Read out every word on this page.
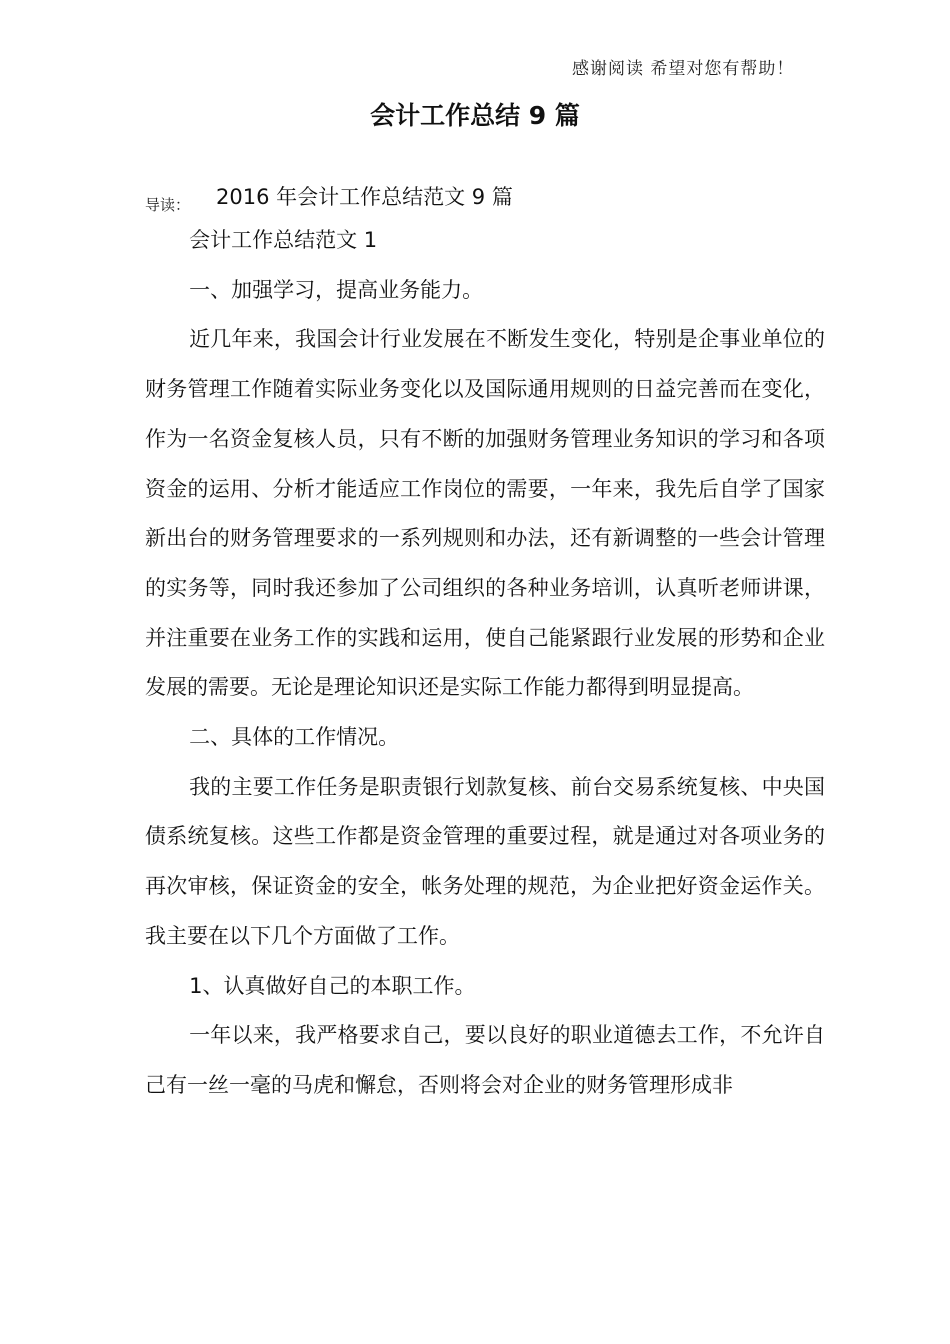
感谢阅读 希望对您有帮助！
会计工作总结 9 篇
导读： 2016 年会计工作总结范文 9 篇

会计工作总结范文 1

一、加强学习，提高业务能力。

近几年来，我国会计行业发展在不断发生变化，特别是企事业单位的财务管理工作随着实际业务变化以及国际通用规则的日益完善而在变化，作为一名资金复核人员，只有不断的加强财务管理业务知识的学习和各项资金的运用、分析才能适应工作岗位的需要，一年来，我先后自学了国家新出台的财务管理要求的一系列规则和办法，还有新调整的一些会计管理的实务等，同时我还参加了公司组织的各种业务培训，认真听老师讲课，并注重要在业务工作的实践和运用，使自己能紧跟行业发展的形势和企业发展的需要。无论是理论知识还是实际工作能力都得到明显提高。

二、具体的工作情况。

我的主要工作任务是职责银行划款复核、前台交易系统复核、中央国债系统复核。这些工作都是资金管理的重要过程，就是通过对各项业务的再次审核，保证资金的安全，帐务处理的规范，为企业把好资金运作关。我主要在以下几个方面做了工作。

1、认真做好自己的本职工作。

一年以来，我严格要求自己，要以良好的职业道德去工作，不允许自己有一丝一毫的马虎和懈怠，否则将会对企业的财务管理形成非
